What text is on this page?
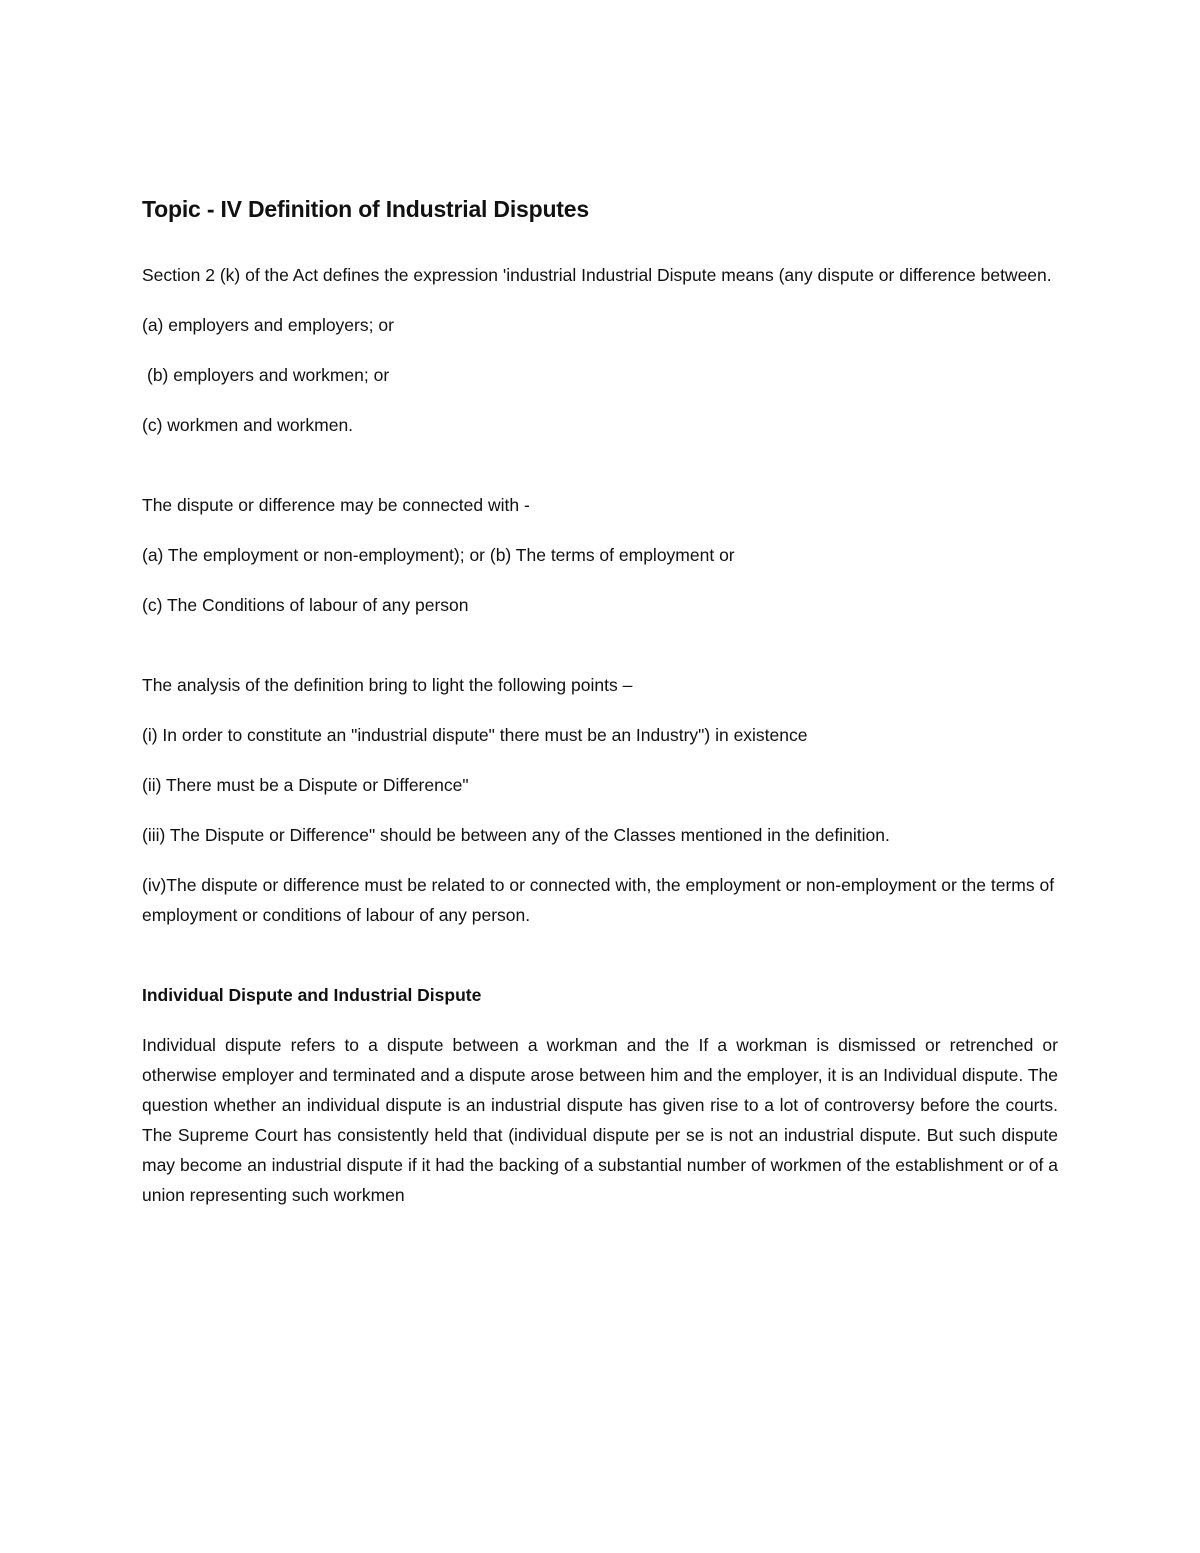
Topic - IV Definition of Industrial Disputes

Section 2 (k) of the Act defines the expression 'industrial Industrial Dispute means (any dispute or difference between.

(a) employers and employers; or

(b) employers and workmen; or

(c) workmen and workmen.

The dispute or difference may be connected with -

(a) The employment or non-employment); or (b) The terms of employment or

(c) The Conditions of labour of any person

The analysis of the definition bring to light the following points –

(i) In order to constitute an "industrial dispute" there must be an Industry") in existence

(ii) There must be a Dispute or Difference"

(iii) The Dispute or Difference" should be between any of the Classes mentioned in the definition.

(iv)The dispute or difference must be related to or connected with, the employment or non-employment or the terms of employment or conditions of labour of any person.

Individual Dispute and Industrial Dispute

Individual dispute refers to a dispute between a workman and the If a workman is dismissed or retrenched or otherwise employer and terminated and a dispute arose between him and the employer, it is an Individual dispute. The question whether an individual dispute is an industrial dispute has given rise to a lot of controversy before the courts. The Supreme Court has consistently held that (individual dispute per se is not an industrial dispute. But such dispute may become an industrial dispute if it had the backing of a substantial number of workmen of the establishment or of a union representing such workmen
